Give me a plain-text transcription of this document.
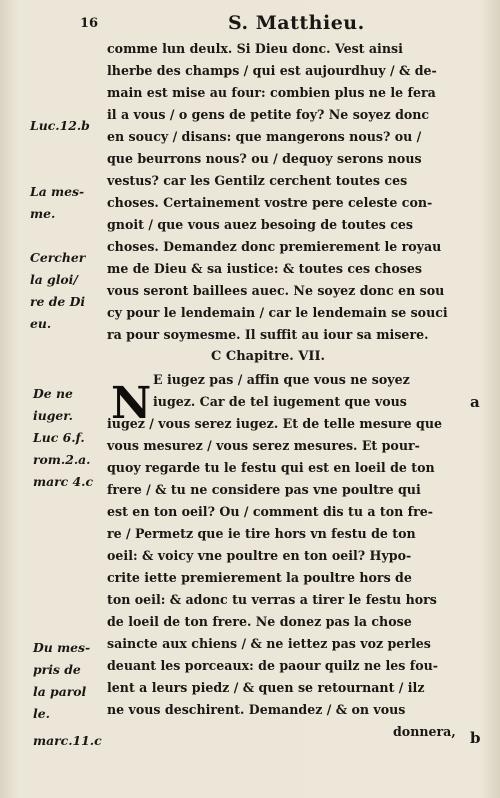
16	S. Matthieu.
comme lun deulx. Si Dieu donc. Vest ainsi
lherbe des champs / qui est aujourdhuy / & de-
main est mise au four: combien plus ne le fera
il a vous / o gens de petite foy? Ne soyez donc
en soucy / disans: que mangerons nous? ou /
que beurrons nous? ou / dequoy serons nous
vestus? car les Gentilz cerchent toutes ces
choses. Certainement vostre pere celeste con-
gnoit / que vous auez besoing de toutes ces
choses. Demandez donc premierement le royau
me de Dieu & sa iustice: & toutes ces choses
vous seront baillees auec. Ne soyez donc en sou
cy pour le lendemain / car le lendemain se souci
ra pour soymesme. Il suffit au iour sa misere.
C Chapitre. VII.
E iugez pas / affin que vous ne soyez
iugez. Car de tel iugement que vous
iugez / vous serez iugez. Et de telle mesure que
vous mesurez / vous serez mesures. Et pour-
quoy regarde tu le festu qui est en loeil de ton
frere / & tu ne considere pas vne poultre qui
est en ton oeil? Ou / comment dis tu a ton fre-
re / Permetz que ie tire hors vn festu de ton
oeil: & voicy vne poultre en ton oeil? Hypo-
crite iette premierement la poultre hors de
ton oeil: & adonc tu verras a tirer le festu hors
de loeil de ton frere. Ne donez pas la chose
saincte aux chiens / & ne iettez pas voz perles
deuant les porceaux: de paour quilz ne les fou-
lent a leurs piedz / & quen se retournant / ilz
ne vous deschirent. Demandez / & on vous
donnera,
N
Luc.12.b
La mes-
me.
Cercher
la gloi/
re de Di
eu.
De ne
iuger.
Luc 6.f.
rom.2.a.
marc 4.c
Du mes-
pris de
la parol
le.
marc.11.c
a
b
